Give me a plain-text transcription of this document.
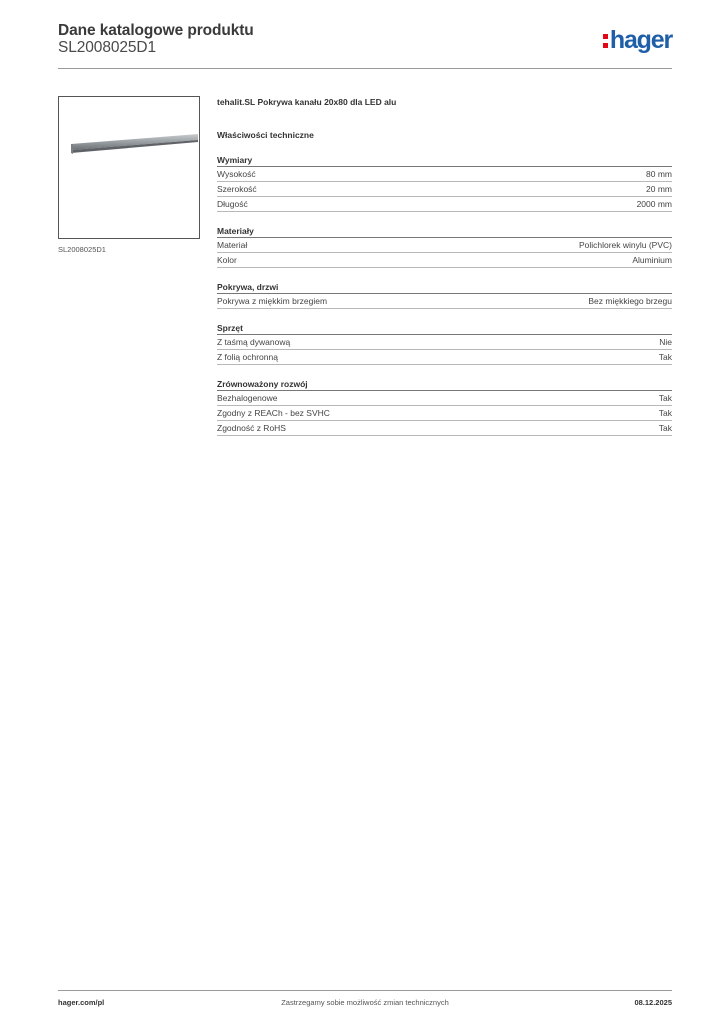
Dane katalogowe produktu
SL2008025D1	hager
SL2008025D1
tehalit.SL Pokrywa kanału 20x80 dla LED alu
Właściwości techniczne
Wymiary
Wysokość	80 mm
Szerokość	20 mm
Długość	2000 mm
Materiały
Materiał	Polichlorek winylu (PVC)
Kolor	Aluminium
Pokrywa, drzwi
Pokrywa z miękkim brzegiem	Bez miękkiego brzegu
Sprzęt
Z taśmą dywanową	Nie
Z folią ochronną	Tak
Zrównoważony rozwój
Bezhalogenowe	Tak
Zgodny z REACh - bez SVHC	Tak
Zgodność z RoHS	Tak
hager.com/pl	Zastrzegamy sobie możliwość zmian technicznych	08.12.2025
